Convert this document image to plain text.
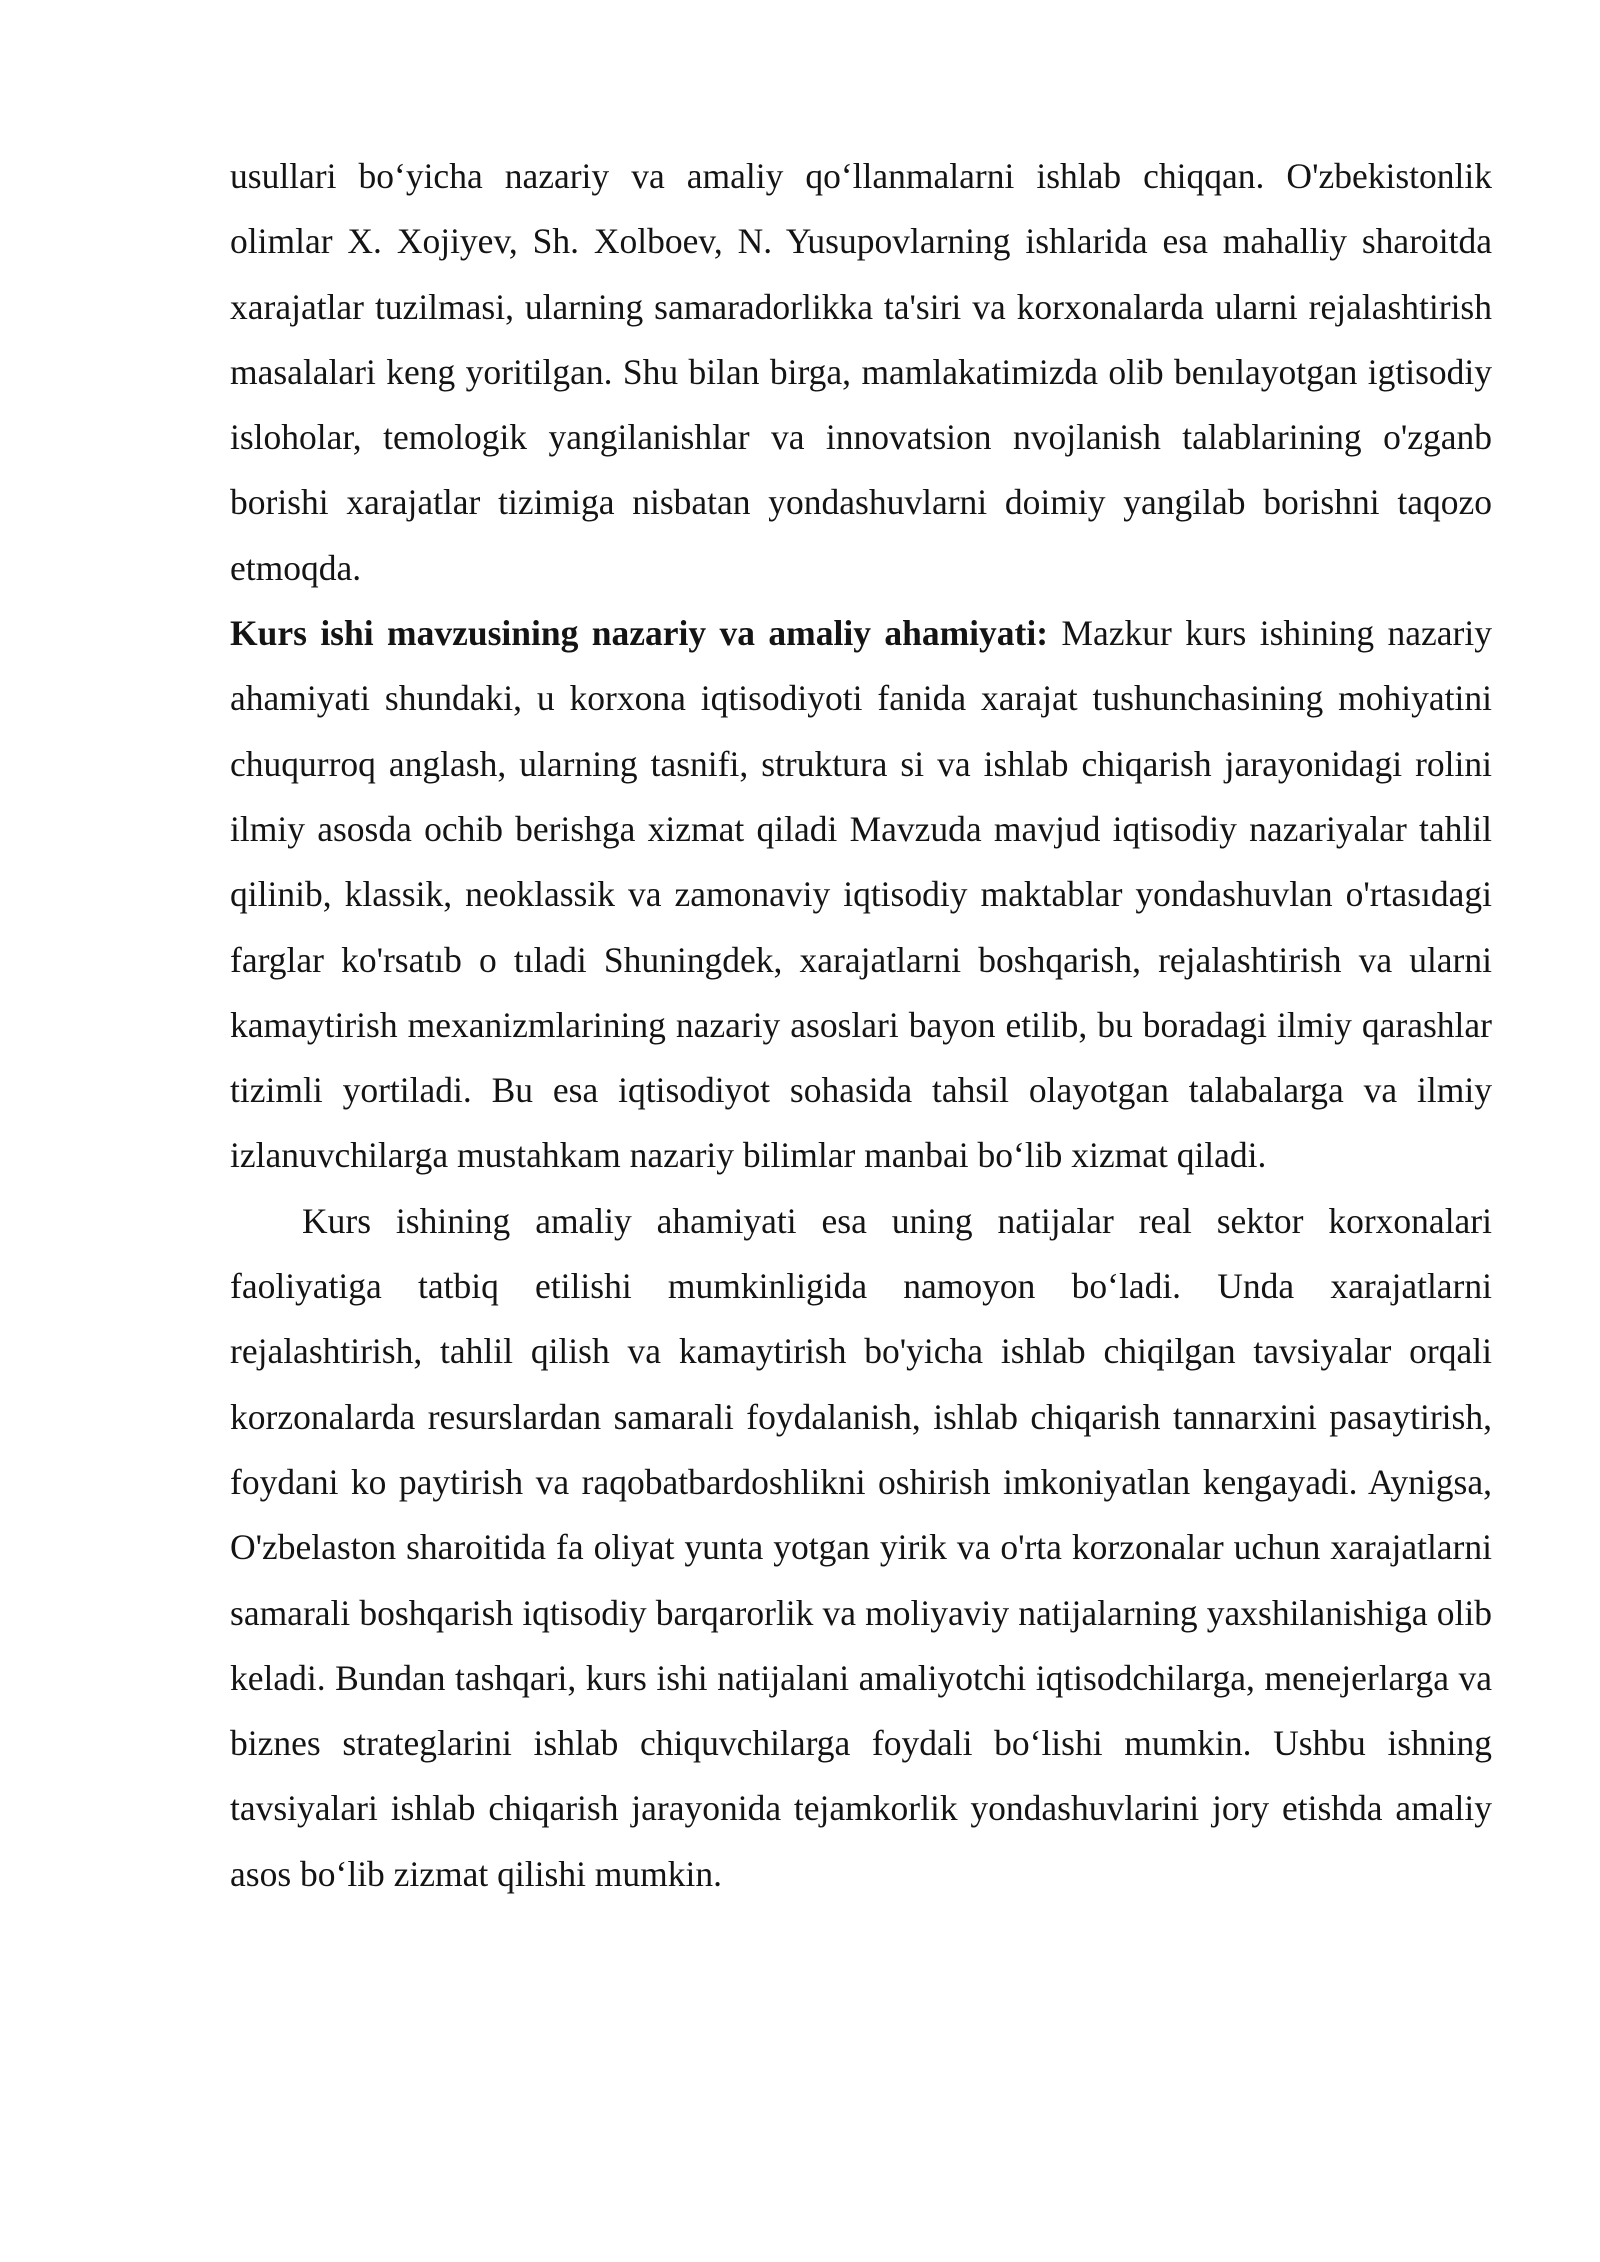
usullari bo‘yicha nazariy va amaliy qo‘llanmalarni ishlab chiqqan. O'zbekistonlik olimlar X. Xojiyev, Sh. Xolboev, N. Yusupovlarning ishlarida esa mahalliy sharoitda xarajatlar tuzilmasi, ularning samaradorlikka ta'siri va korxonalarda ularni rejalashtirish masalalari keng yoritilgan. Shu bilan birga, mamlakatimizda olib benılayotgan igtisodiy isloholar, temologik yangilanishlar va innovatsion nvojlanish talablarining o'zganb borishi xarajatlar tizimiga nisbatan yondashuvlarni doimiy yangilab borishni taqozo etmoqda.

Kurs ishi mavzusining nazariy va amaliy ahamiyati: Mazkur kurs ishining nazariy ahamiyati shundaki, u korxona iqtisodiyoti fanida xarajat tushunchasining mohiyatini chuqurroq anglash, ularning tasnifi, struktura si va ishlab chiqarish jarayonidagi rolini ilmiy asosda ochib berishga xizmat qiladi Mavzuda mavjud iqtisodiy nazariyalar tahlil qilinib, klassik, neoklassik va zamonaviy iqtisodiy maktablar yondashuvlan o'rtasıdagi farglar ko'rsatıb o tıladi Shuningdek, xarajatlarni boshqarish, rejalashtirish va ularni kamaytirish mexanizmlarining nazariy asoslari bayon etilib, bu boradagi ilmiy qarashlar tizimli yortiladi. Bu esa iqtisodiyot sohasida tahsil olayotgan talabalarga va ilmiy izlanuvchilarga mustahkam nazariy bilimlar manbai bo‘lib xizmat qiladi.

Kurs ishining amaliy ahamiyati esa uning natijalar real sektor korxonalari faoliyatiga tatbiq etilishi mumkinligida namoyon bo‘ladi. Unda xarajatlarni rejalashtirish, tahlil qilish va kamaytirish bo'yicha ishlab chiqilgan tavsiyalar orqali korzonalarda resurslardan samarali foydalanish, ishlab chiqarish tannarxini pasaytirish, foydani ko paytirish va raqobatbardoshlikni oshirish imkoniyatlan kengayadi. Aynigsa, O'zbelaston sharoitida fa oliyat yunta yotgan yirik va o'rta korzonalar uchun xarajatlarni samarali boshqarish iqtisodiy barqarorlik va moliyaviy natijalarning yaxshilanishiga olib keladi. Bundan tashqari, kurs ishi natijalani amaliyotchi iqtisodchilarga, menejerlarga va biznes strateglarini ishlab chiquvchilarga foydali bo‘lishi mumkin. Ushbu ishning tavsiyalari ishlab chiqarish jarayonida tejamkorlik yondashuvlarini jory etishda amaliy asos bo‘lib zizmat qilishi mumkin.
